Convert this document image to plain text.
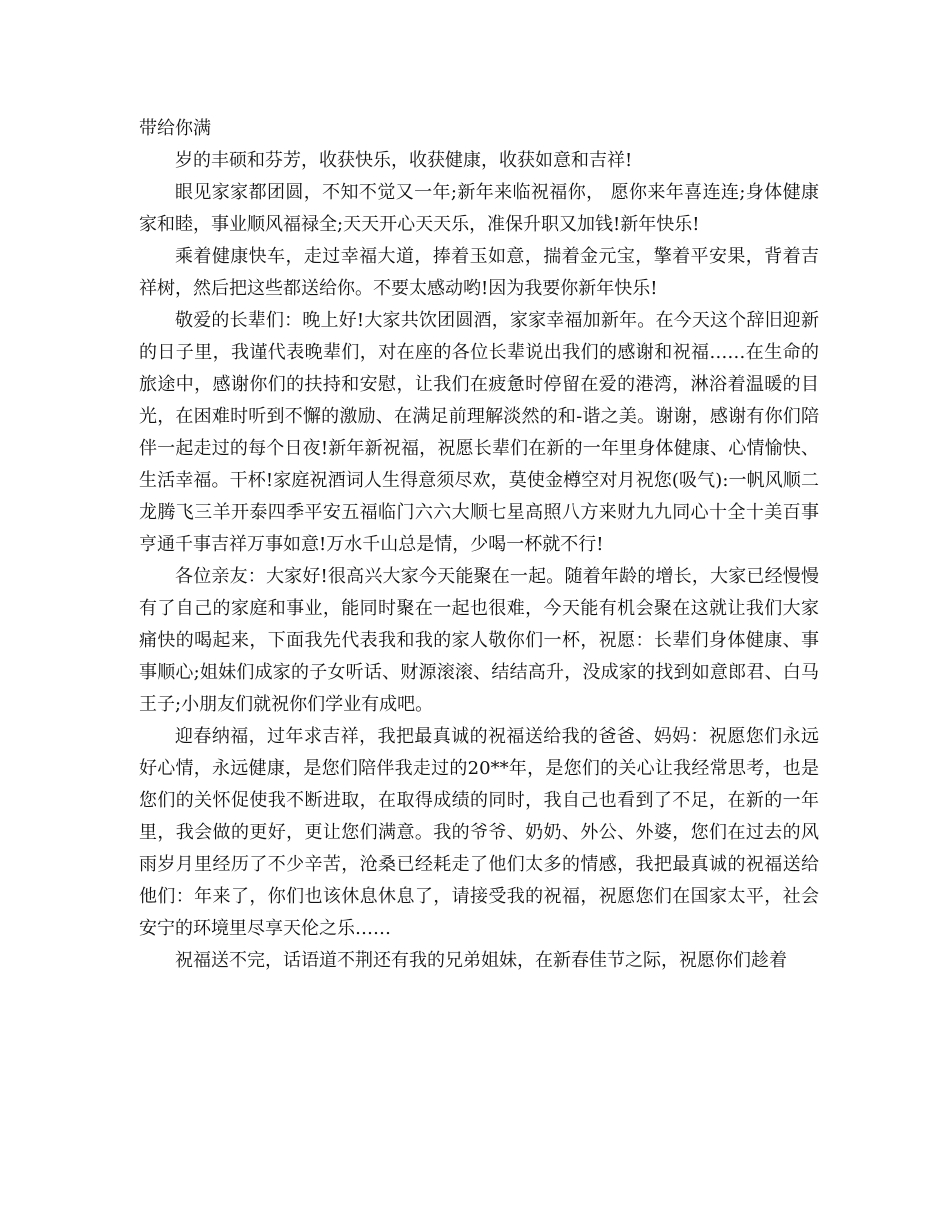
带给你满

岁的丰硕和芬芳，收获快乐，收获健康，收获如意和吉祥!

眼见家家都团圆，不知不觉又一年;新年来临祝福你， 愿你来年喜连连;身体健康家和睦，事业顺风福禄全;天天开心天天乐，准保升职又加钱!新年快乐!

乘着健康快车，走过幸福大道，捧着玉如意，揣着金元宝，擎着平安果，背着吉祥树，然后把这些都送给你。不要太感动哟!因为我要你新年快乐!

敬爱的长辈们：晚上好!大家共饮团圆酒，家家幸福加新年。在今天这个辞旧迎新的日子里，我谨代表晚辈们，对在座的各位长辈说出我们的感谢和祝福……在生命的旅途中，感谢你们的扶持和安慰，让我们在疲惫时停留在爱的港湾，淋浴着温暖的目光，在困难时听到不懈的激励、在满足前理解淡然的和-谐之美。谢谢，感谢有你们陪伴一起走过的每个日夜!新年新祝福，祝愿长辈们在新的一年里身体健康、心情愉快、生活幸福。干杯!家庭祝酒词人生得意须尽欢，莫使金樽空对月祝您(吸气):一帆风顺二龙腾飞三羊开泰四季平安五福临门六六大顺七星高照八方来财九九同心十全十美百事亨通千事吉祥万事如意!万水千山总是情，少喝一杯就不行!

各位亲友：大家好!很高兴大家今天能聚在一起。随着年龄的增长，大家已经慢慢有了自己的家庭和事业，能同时聚在一起也很难，今天能有机会聚在这就让我们大家痛快的喝起来，下面我先代表我和我的家人敬你们一杯，祝愿：长辈们身体健康、事事顺心;姐妹们成家的子女听话、财源滚滚、结结高升，没成家的找到如意郎君、白马王子;小朋友们就祝你们学业有成吧。

迎春纳福，过年求吉祥，我把最真诚的祝福送给我的爸爸、妈妈：祝愿您们永远好心情，永远健康，是您们陪伴我走过的20**年，是您们的关心让我经常思考，也是您们的关怀促使我不断进取，在取得成绩的同时，我自己也看到了不足，在新的一年里，我会做的更好，更让您们满意。我的爷爷、奶奶、外公、外婆，您们在过去的风雨岁月里经历了不少辛苦，沧桑已经耗走了他们太多的情感，我把最真诚的祝福送给他们：年来了，你们也该休息休息了，请接受我的祝福，祝愿您们在国家太平，社会安宁的环境里尽享天伦之乐……

祝福送不完，话语道不荆还有我的兄弟姐妹，在新春佳节之际，祝愿你们趁着
